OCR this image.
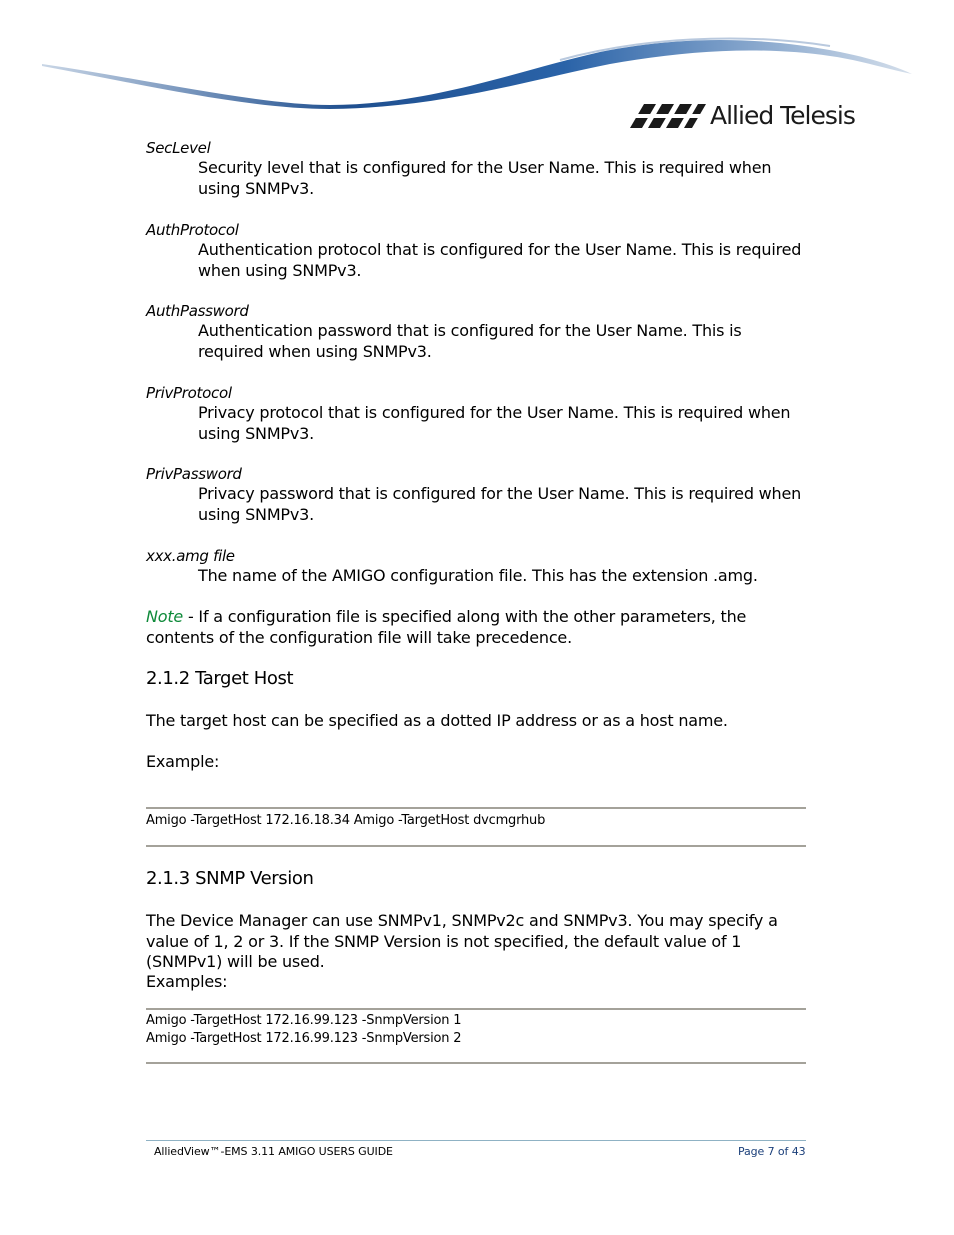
Allied Telesis
SecLevel
Security level that is configured for the User Name. This is required when using SNMPv3.
AuthProtocol
Authentication protocol that is configured for the User Name. This is required when using SNMPv3.
AuthPassword
Authentication password that is configured for the User Name. This is required when using SNMPv3.
PrivProtocol
Privacy protocol that is configured for the User Name. This is required when using SNMPv3.
PrivPassword
Privacy password that is configured for the User Name. This is required when using SNMPv3.
xxx.amg file
The name of the AMIGO configuration file. This has the extension .amg.
Note - If a configuration file is specified along with the other parameters, the contents of the configuration file will take precedence.
2.1.2 Target Host
The target host can be specified as a dotted IP address or as a host name.
Example:
Amigo -TargetHost 172.16.18.34 Amigo -TargetHost dvcmgrhub
2.1.3 SNMP Version
The Device Manager can use SNMPv1, SNMPv2c and SNMPv3. You may specify a value of 1, 2 or 3. If the SNMP Version is not specified, the default value of 1 (SNMPv1) will be used.
Examples:
Amigo -TargetHost 172.16.99.123 -SnmpVersion 1
Amigo -TargetHost 172.16.99.123 -SnmpVersion 2
AlliedView™-EMS 3.11 AMIGO USERS GUIDE	Page 7 of 43
